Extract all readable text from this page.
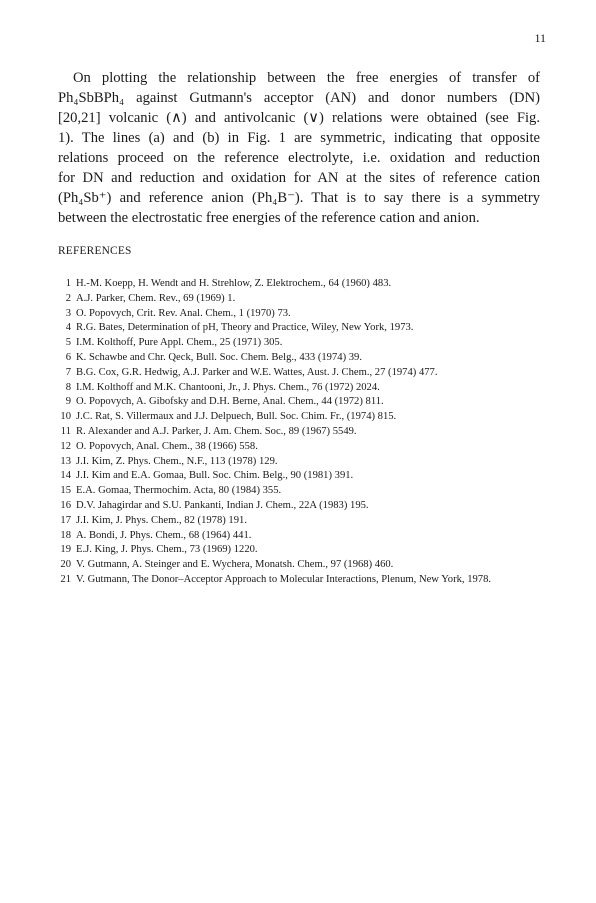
11

On plotting the relationship between the free energies of transfer of
Ph₄SbBPh₄ against Gutmann's acceptor (AN) and donor numbers (DN)
[20,21] volcanic (∧) and antivolcanic (∨) relations were obtained (see Fig.
1). The lines (a) and (b) in Fig. 1 are symmetric, indicating that opposite
relations proceed on the reference electrolyte, i.e. oxidation and reduction
for DN and reduction and oxidation for AN at the sites of reference cation
(Ph₄Sb⁺) and reference anion (Ph₄B⁻). That is to say there is a symmetry
between the electrostatic free energies of the reference cation and anion.

REFERENCES
1 H.-M. Koepp, H. Wendt and H. Strehlow, Z. Elektrochem., 64 (1960) 483.
2 A.J. Parker, Chem. Rev., 69 (1969) 1.
3 O. Popovych, Crit. Rev. Anal. Chem., 1 (1970) 73.
4 R.G. Bates, Determination of pH, Theory and Practice, Wiley, New York, 1973.
5 I.M. Kolthoff, Pure Appl. Chem., 25 (1971) 305.
6 K. Schawbe and Chr. Qeck, Bull. Soc. Chem. Belg., 433 (1974) 39.
7 B.G. Cox, G.R. Hedwig, A.J. Parker and W.E. Wattes, Aust. J. Chem., 27 (1974) 477.
8 I.M. Kolthoff and M.K. Chantooni, Jr., J. Phys. Chem., 76 (1972) 2024.
9 O. Popovych, A. Gibofsky and D.H. Berne, Anal. Chem., 44 (1972) 811.
10 J.C. Rat, S. Villermaux and J.J. Delpuech, Bull. Soc. Chim. Fr., (1974) 815.
11 R. Alexander and A.J. Parker, J. Am. Chem. Soc., 89 (1967) 5549.
12 O. Popovych, Anal. Chem., 38 (1966) 558.
13 J.I. Kim, Z. Phys. Chem., N.F., 113 (1978) 129.
14 J.I. Kim and E.A. Gomaa, Bull. Soc. Chim. Belg., 90 (1981) 391.
15 E.A. Gomaa, Thermochim. Acta, 80 (1984) 355.
16 D.V. Jahagirdar and S.U. Pankanti, Indian J. Chem., 22A (1983) 195.
17 J.I. Kim, J. Phys. Chem., 82 (1978) 191.
18 A. Bondi, J. Phys. Chem., 68 (1964) 441.
19 E.J. King, J. Phys. Chem., 73 (1969) 1220.
20 V. Gutmann, A. Steinger and E. Wychera, Monatsh. Chem., 97 (1968) 460.
21 V. Gutmann, The Donor–Acceptor Approach to Molecular Interactions, Plenum, New York, 1978.
